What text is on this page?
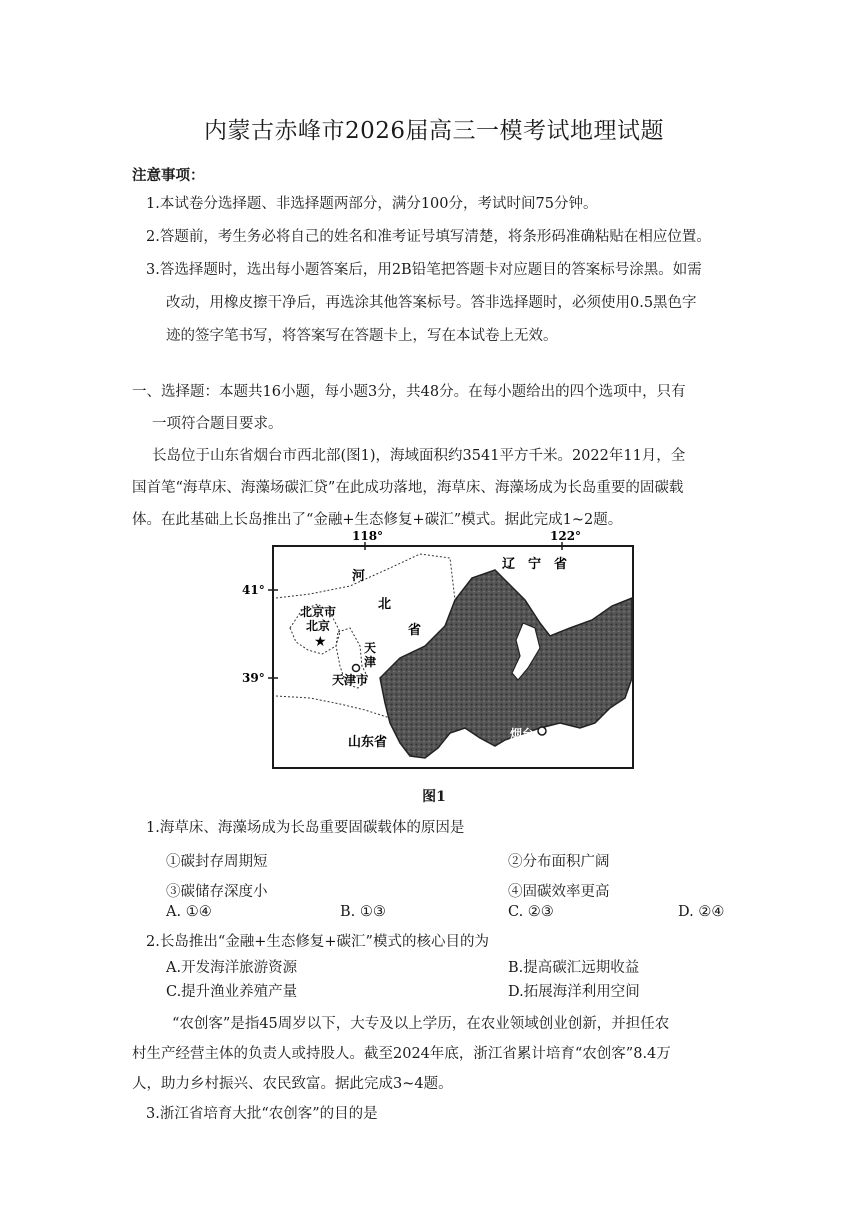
内蒙古赤峰市2026届高三一模考试地理试题
注意事项：
1.本试卷分选择题、非选择题两部分，满分100分，考试时间75分钟。
2.答题前，考生务必将自己的姓名和准考证号填写清楚，将条形码准确粘贴在相应位置。
3.答选择题时，选出每小题答案后，用2B铅笔把答题卡对应题目的答案标号涂黑。如需
改动，用橡皮擦干净后，再选涂其他答案标号。答非选择题时，必须使用0.5黑色字
迹的签字笔书写，将答案写在答题卡上，写在本试卷上无效。
一、选择题：本题共16小题，每小题3分，共48分。在每小题给出的四个选项中，只有
一项符合题目要求。
长岛位于山东省烟台市西北部(图1)，海域面积约3541平方千米。2022年11月，全
国首笔“海草床、海藻场碳汇贷”在此成功落地，海草床、海藻场成为长岛重要的固碳载
体。在此基础上长岛推出了“金融+生态修复+碳汇”模式。据此完成1~2题。
118°	122°
41°
39°
河
北
省
辽　宁　省
北京市
北京
★	天
津
天津市
山东省
烟台
图1
1.海草床、海藻场成为长岛重要固碳载体的原因是
①碳封存周期短	②分布面积广阔
③碳储存深度小	④固碳效率更高
A. ①④	B. ①③	C. ②③	D. ②④
2.长岛推出“金融+生态修复+碳汇”模式的核心目的为
A.开发海洋旅游资源	B.提高碳汇远期收益
C.提升渔业养殖产量	D.拓展海洋利用空间
“农创客”是指45周岁以下，大专及以上学历，在农业领域创业创新，并担任农
村生产经营主体的负责人或持股人。截至2024年底，浙江省累计培育“农创客”8.4万
人，助力乡村振兴、农民致富。据此完成3~4题。
3.浙江省培育大批“农创客”的目的是
